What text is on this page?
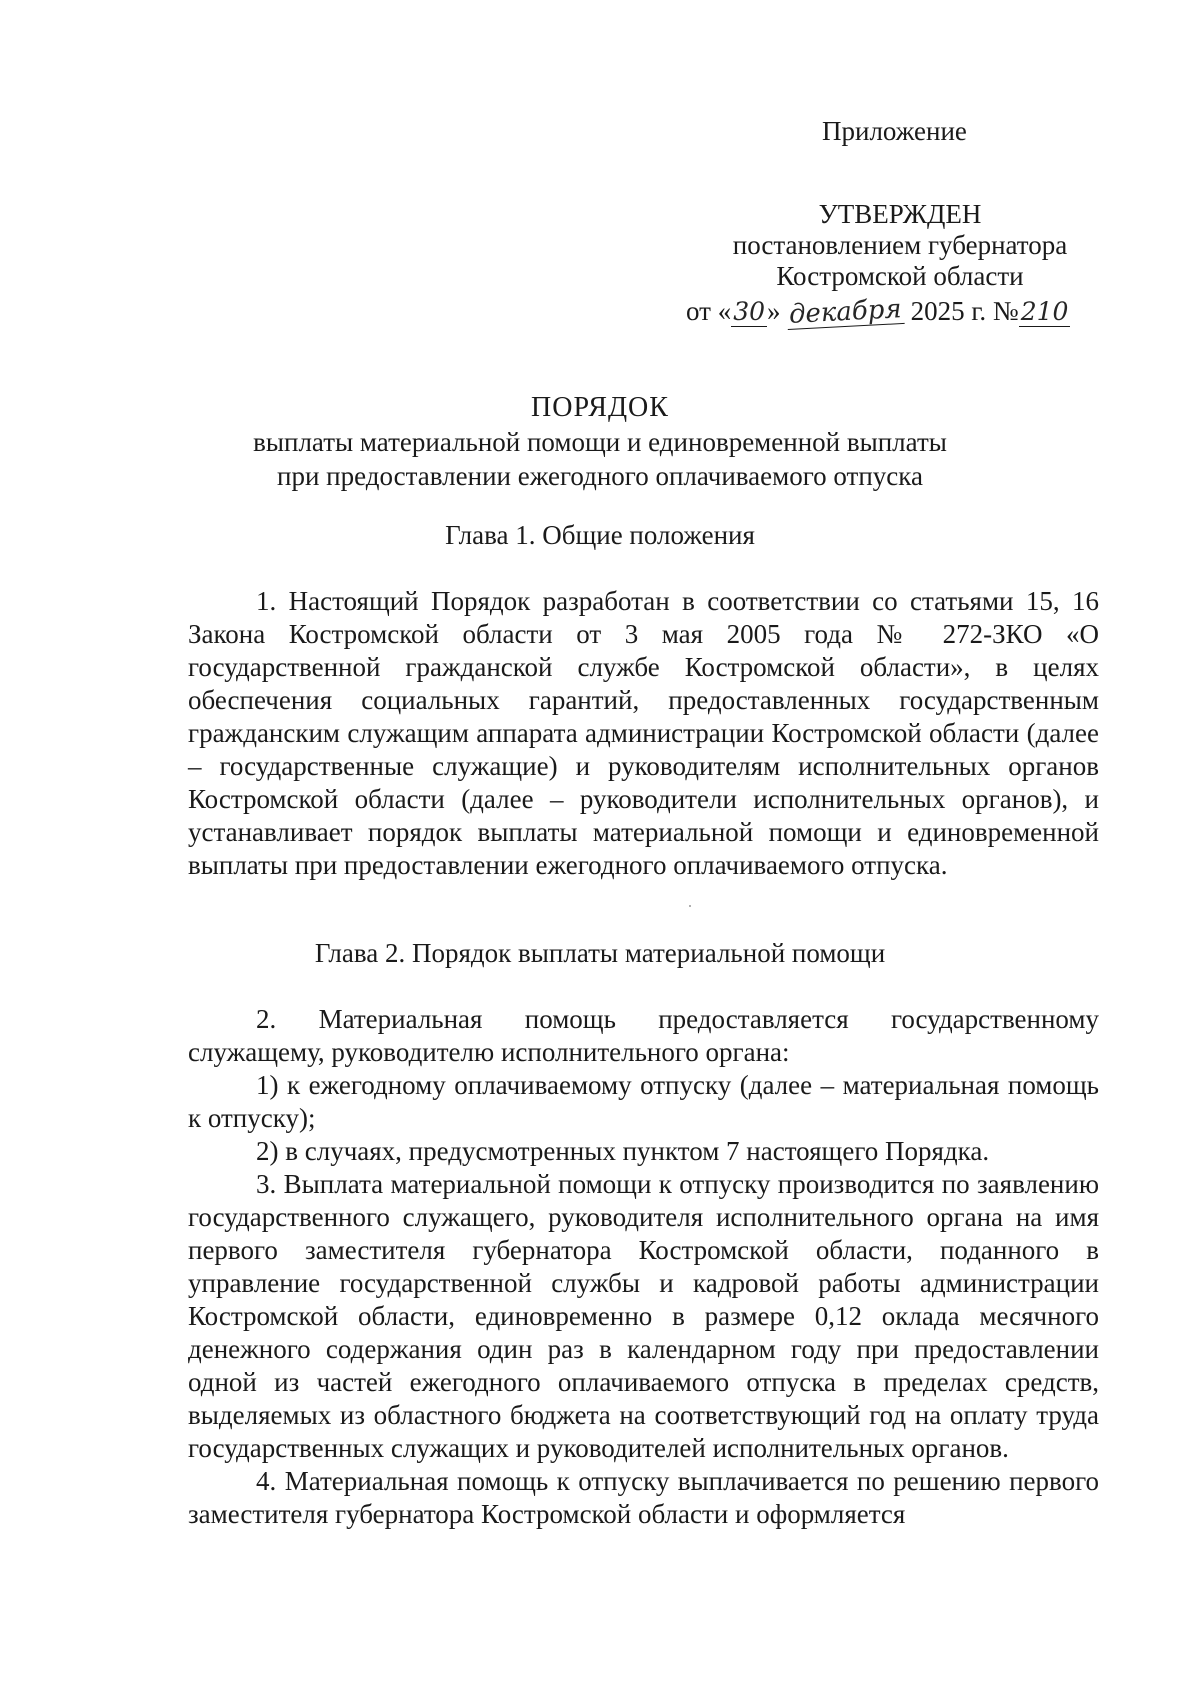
Приложение
УТВЕРЖДЕН
постановлением губернатора
Костромской области
от «30» декабря 2025 г. №210
ПОРЯДОК
выплаты материальной помощи и единовременной выплаты
при предоставлении ежегодного оплачиваемого отпуска
Глава 1. Общие положения

1. Настоящий Порядок разработан в соответствии со статьями 15, 16 Закона Костромской области от 3 мая 2005 года № 272-ЗКО «О государственной гражданской службе Костромской области», в целях обеспечения социальных гарантий, предоставленных государственным гражданским служащим аппарата администрации Костромской области (далее – государственные служащие) и руководителям исполнительных органов Костромской области (далее – руководители исполнительных органов), и устанавливает порядок выплаты материальной помощи и единовременной выплаты при предоставлении ежегодного оплачиваемого отпуска.

Глава 2. Порядок выплаты материальной помощи

2. Материальная помощь предоставляется государственному служащему, руководителю исполнительного органа:

1) к ежегодному оплачиваемому отпуску (далее – материальная помощь к отпуску);

2) в случаях, предусмотренных пунктом 7 настоящего Порядка.

3. Выплата материальной помощи к отпуску производится по заявлению государственного служащего, руководителя исполнительного органа на имя первого заместителя губернатора Костромской области, поданного в управление государственной службы и кадровой работы администрации Костромской области, единовременно в размере 0,12 оклада месячного денежного содержания один раз в календарном году при предоставлении одной из частей ежегодного оплачиваемого отпуска в пределах средств, выделяемых из областного бюджета на соответствующий год на оплату труда государственных служащих и руководителей исполнительных органов.

4. Материальная помощь к отпуску выплачивается по решению первого заместителя губернатора Костромской области и оформляется
